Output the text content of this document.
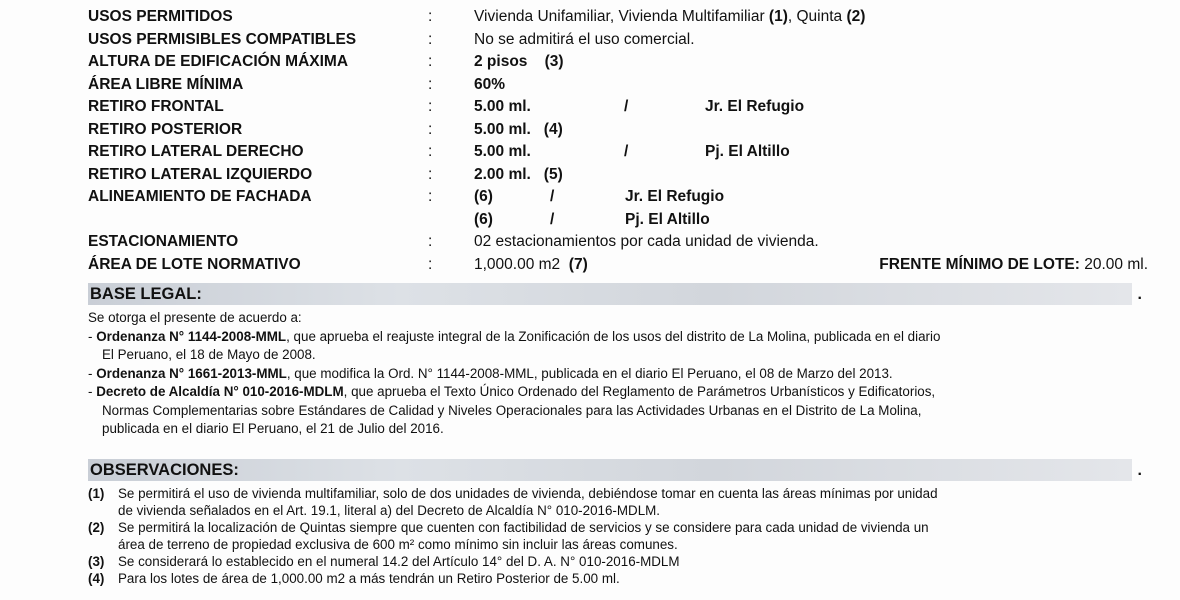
USOS PERMITIDOS	:	Vivienda Unifamiliar, Vivienda Multifamiliar (1), Quinta (2)
USOS PERMISIBLES COMPATIBLES	:	No se admitirá el uso comercial.
ALTURA DE EDIFICACIÓN MÁXIMA	:	2 pisos    (3)
ÁREA LIBRE MÍNIMA	:	60%
RETIRO FRONTAL	:	5.00 ml.	/	Jr. El Refugio
RETIRO POSTERIOR	:	5.00 ml.   (4)
RETIRO LATERAL DERECHO	:	5.00 ml.	/	Pj. El Altillo
RETIRO LATERAL IZQUIERDO	:	2.00 ml.   (5)
ALINEAMIENTO DE FACHADA	:	(6)	/	Jr. El Refugio
(6)	/	Pj. El Altillo
ESTACIONAMIENTO	:	02 estacionamientos por cada unidad de vivienda.
ÁREA DE LOTE NORMATIVO	:	1,000.00 m2  (7)	FRENTE MÍNIMO DE LOTE: 20.00 ml.
BASE LEGAL:	.

Se otorga el presente de acuerdo a:

- Ordenanza N° 1144-2008-MML, que aprueba el reajuste integral de la Zonificación de los usos del distrito de La Molina, publicada en el diario

El Peruano, el 18 de Mayo de 2008.

- Ordenanza N° 1661-2013-MML, que modifica la Ord. N° 1144-2008-MML, publicada en el diario El Peruano, el 08 de Marzo del 2013.

- Decreto de Alcaldía N° 010-2016-MDLM, que aprueba el Texto Único Ordenado del Reglamento de Parámetros Urbanísticos y Edificatorios,

Normas Complementarias sobre Estándares de Calidad y Niveles Operacionales para las Actividades Urbanas en el Distrito de La Molina,

publicada en el diario El Peruano, el 21 de Julio del 2016.

OBSERVACIONES:	.
(1) Se permitirá el uso de vivienda multifamiliar, solo de dos unidades de vivienda, debiéndose tomar en cuenta las áreas mínimas por unidad
de vivienda señalados en el Art. 19.1, literal a) del Decreto de Alcaldía N° 010-2016-MDLM.
(2) Se permitirá la localización de Quintas siempre que cuenten con factibilidad de servicios y se considere para cada unidad de vivienda un
área de terreno de propiedad exclusiva de 600 m² como mínimo sin incluir las áreas comunes.
(3) Se considerará lo establecido en el numeral 14.2 del Artículo 14° del D. A. N° 010-2016-MDLM
(4) Para los lotes de área de 1,000.00 m2 a más tendrán un Retiro Posterior de 5.00 ml.
